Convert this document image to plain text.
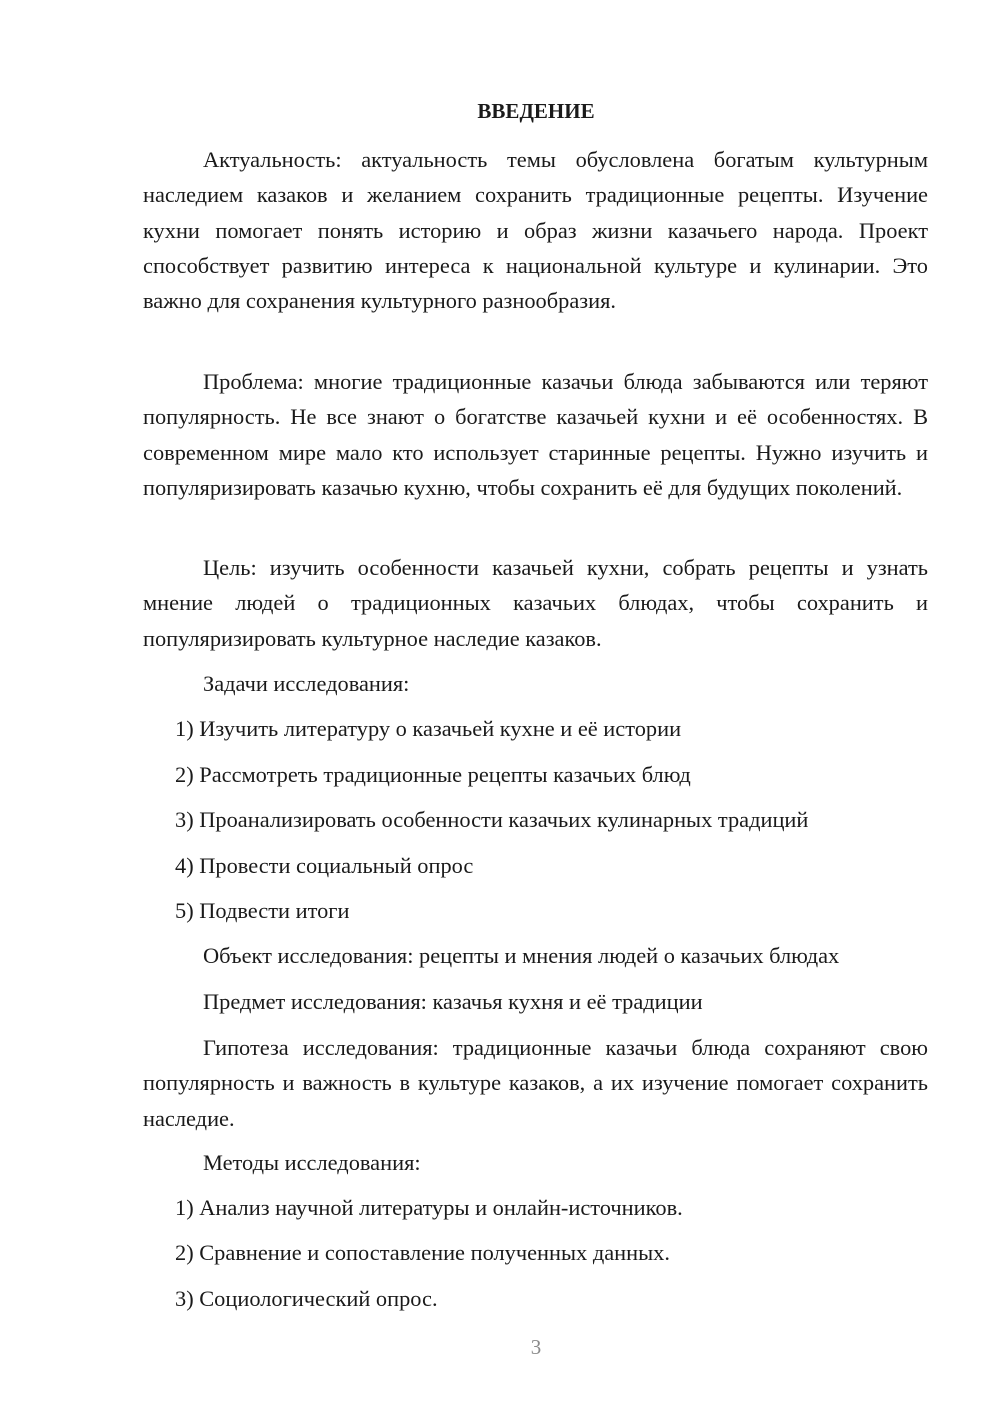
ВВЕДЕНИЕ

Актуальность: актуальность темы обусловлена богатым культурным наследием казаков и желанием сохранить традиционные рецепты. Изучение кухни помогает понять историю и образ жизни казачьего народа. Проект способствует развитию интереса к национальной культуре и кулинарии. Это важно для сохранения культурного разнообразия.

Проблема: многие традиционные казачьи блюда забываются или теряют популярность. Не все знают о богатстве казачьей кухни и её особенностях. В современном мире мало кто использует старинные рецепты. Нужно изучить и популяризировать казачью кухню, чтобы сохранить её для будущих поколений.

Цель: изучить особенности казачьей кухни, собрать рецепты и узнать мнение людей о традиционных казачьих блюдах, чтобы сохранить и популяризировать культурное наследие казаков.

Задачи исследования:
1) Изучить литературу о казачьей кухне и её истории
2) Рассмотреть традиционные рецепты казачьих блюд
3) Проанализировать особенности казачьих кулинарных традиций
4) Провести социальный опрос
5) Подвести итоги
Объект исследования: рецепты и мнения людей о казачьих блюдах
Предмет исследования: казачья кухня и её традиции

Гипотеза исследования: традиционные казачьи блюда сохраняют свою популярность и важность в культуре казаков, а их изучение помогает сохранить наследие.

Методы исследования:
1) Анализ научной литературы и онлайн-источников.
2) Сравнение и сопоставление полученных данных.
3) Социологический опрос.
3
